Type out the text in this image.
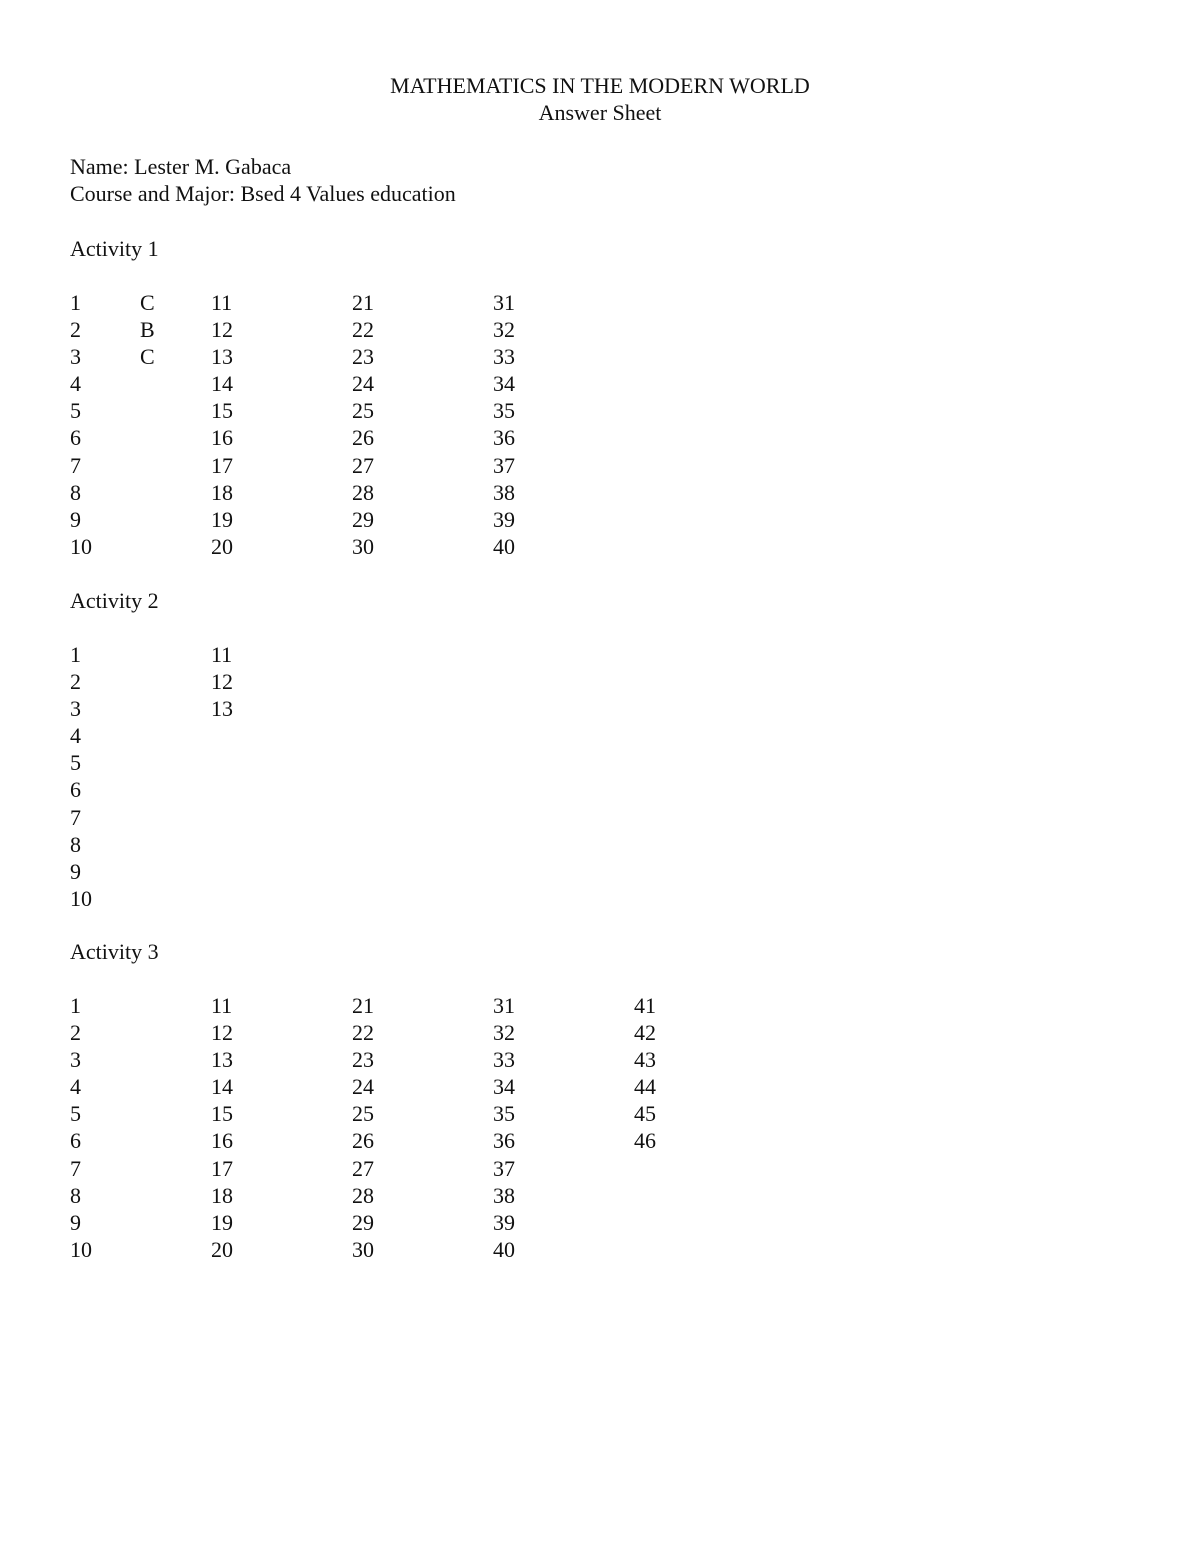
MATHEMATICS IN THE MODERN WORLD
Answer Sheet
Name: Lester M. Gabaca
Course and Major: Bsed 4 Values education
Activity 1
1
2
3
4
5
6
7
8
9
10
11
12
13
14
15
16
17
18
19
20
21
22
23
24
25
26
27
28
29
30
31
32
33
34
35
36
37
38
39
40
C
B
C
Activity 2
1
2
3
4
5
6
7
8
9
10
11
12
13
Activity 3
1
2
3
4
5
6
7
8
9
10
11
12
13
14
15
16
17
18
19
20
21
22
23
24
25
26
27
28
29
30
31
32
33
34
35
36
37
38
39
40
41
42
43
44
45
46
